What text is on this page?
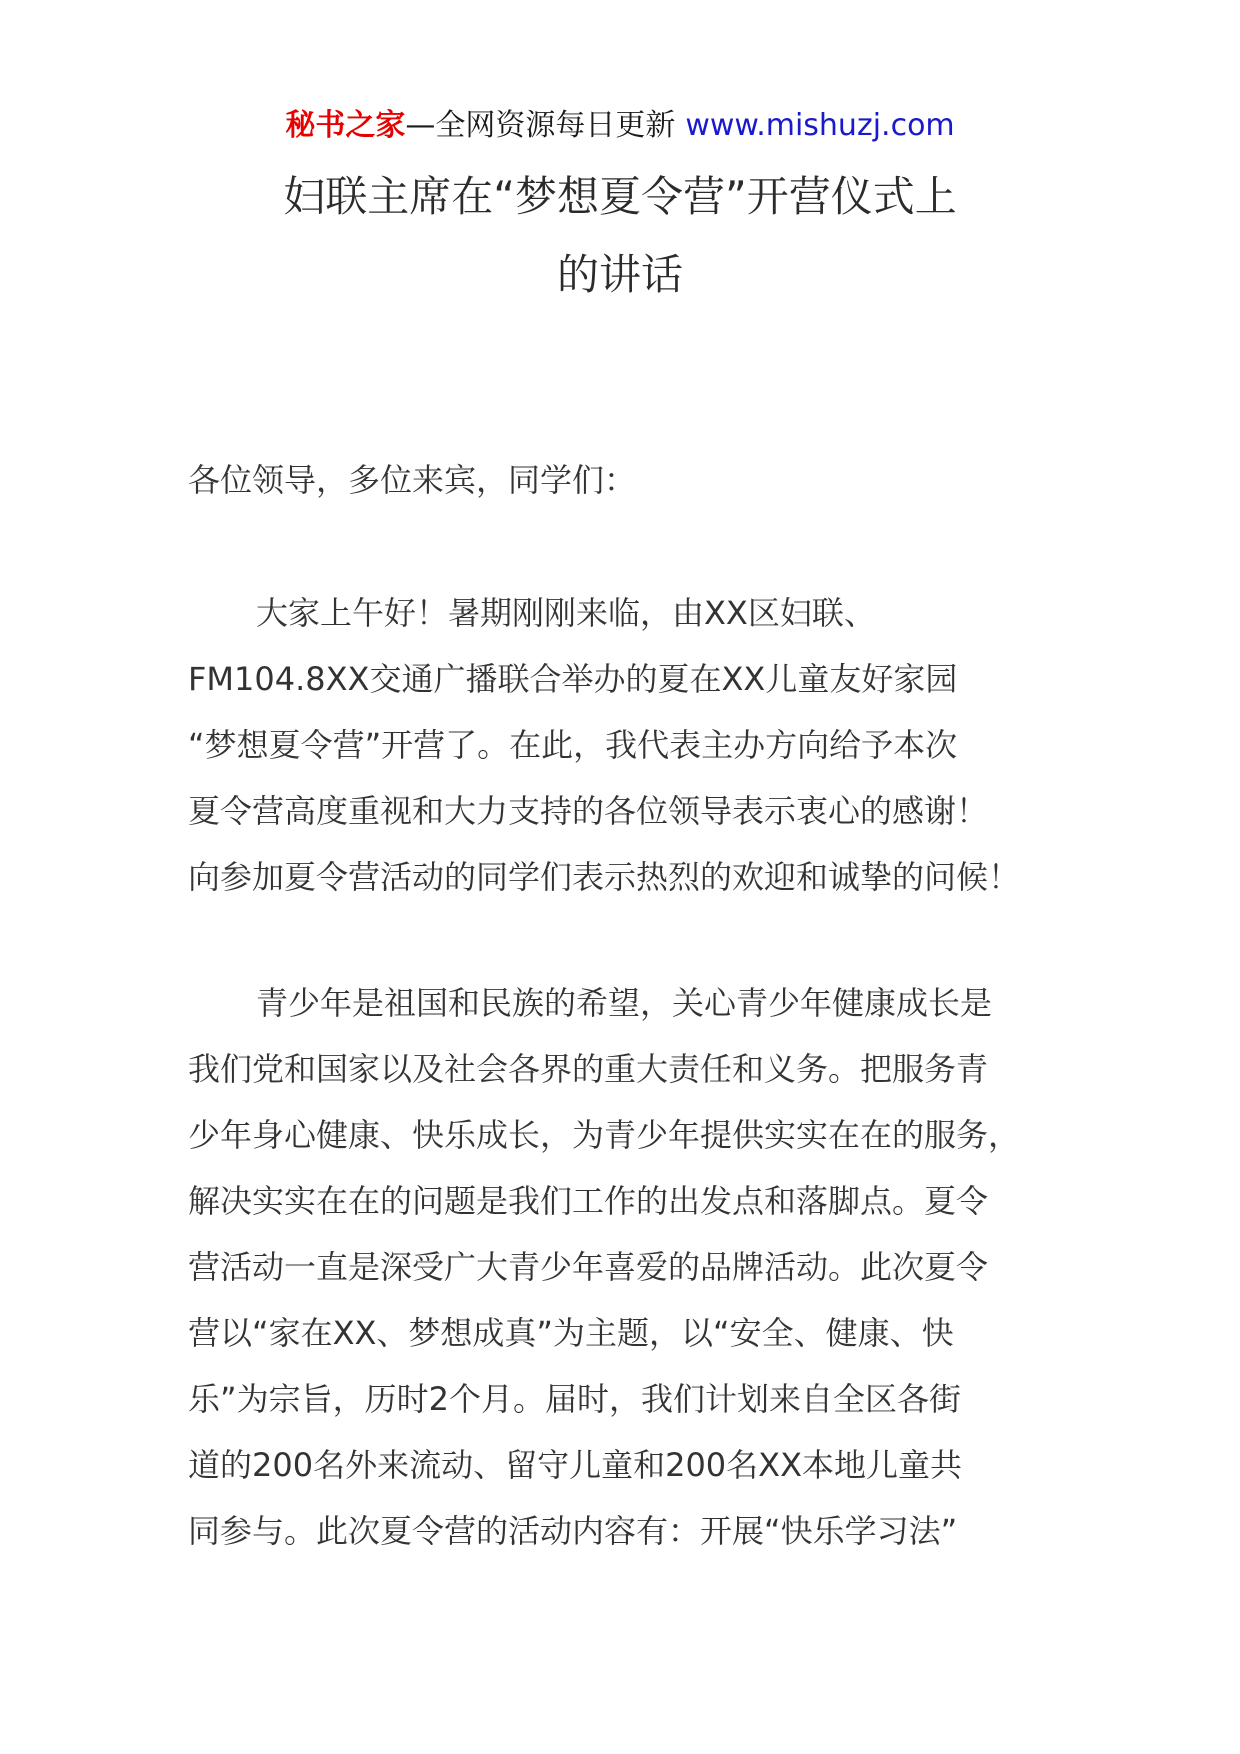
秘书之家—全网资源每日更新 www.mishuzj.com
妇联主席在“梦想夏令营”开营仪式上
的讲话
各位领导，多位来宾，同学们：
大家上午好！暑期刚刚来临，由XX区妇联、
FM104.8XX交通广播联合举办的夏在XX儿童友好家园
“梦想夏令营”开营了。在此，我代表主办方向给予本次
夏令营高度重视和大力支持的各位领导表示衷心的感谢！
向参加夏令营活动的同学们表示热烈的欢迎和诚挚的问候！
青少年是祖国和民族的希望，关心青少年健康成长是
我们党和国家以及社会各界的重大责任和义务。把服务青
少年身心健康、快乐成长，为青少年提供实实在在的服务，
解决实实在在的问题是我们工作的出发点和落脚点。夏令
营活动一直是深受广大青少年喜爱的品牌活动。此次夏令
营以“家在XX、梦想成真”为主题，以“安全、健康、快
乐”为宗旨，历时2个月。届时，我们计划来自全区各街
道的200名外来流动、留守儿童和200名XX本地儿童共
同参与。此次夏令营的活动内容有：开展“快乐学习法”
